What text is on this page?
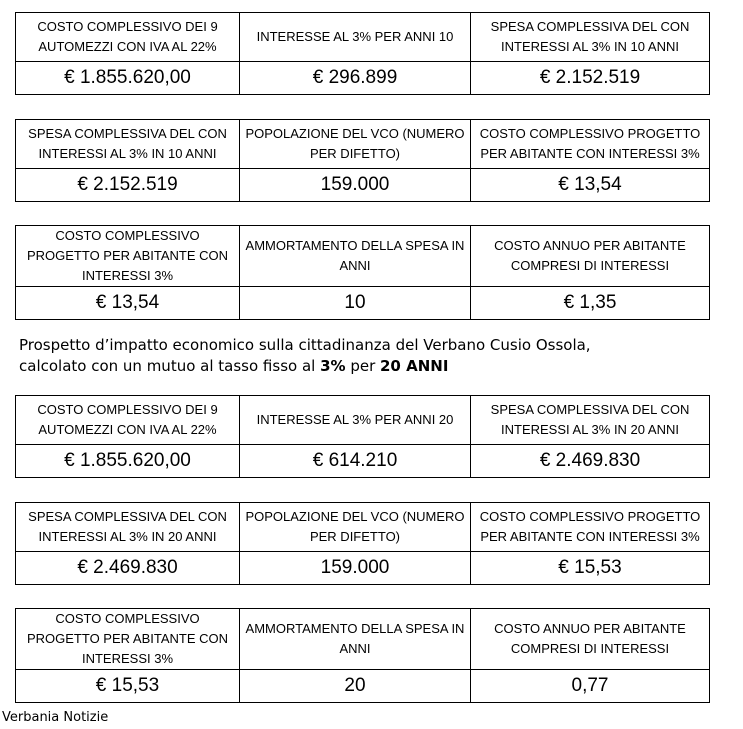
COSTO COMPLESSIVO DEI 9 AUTOMEZZI CON IVA AL 22%	INTERESSE AL 3% PER ANNI 10	SPESA COMPLESSIVA DEL CON INTERESSI AL 3% IN 10 ANNI
€ 1.855.620,00	€ 296.899	€ 2.152.519
SPESA COMPLESSIVA DEL CON INTERESSI AL 3% IN 10 ANNI	POPOLAZIONE DEL VCO (NUMERO PER DIFETTO)	COSTO COMPLESSIVO PROGETTO PER ABITANTE CON INTERESSI 3%
€ 2.152.519	159.000	€ 13,54
COSTO COMPLESSIVO PROGETTO PER ABITANTE CON INTERESSI 3%	AMMORTAMENTO DELLA SPESA IN ANNI	COSTO ANNUO PER ABITANTE COMPRESI DI INTERESSI
€ 13,54	10	€ 1,35

Prospetto d’impatto economico sulla cittadinanza del Verbano Cusio Ossola,
calcolato con un mutuo al tasso fisso al 3% per 20 ANNI

COSTO COMPLESSIVO DEI 9 AUTOMEZZI CON IVA AL 22%	INTERESSE AL 3% PER ANNI 20	SPESA COMPLESSIVA DEL CON INTERESSI AL 3% IN 20 ANNI
€ 1.855.620,00	€ 614.210	€ 2.469.830
SPESA COMPLESSIVA DEL CON INTERESSI AL 3% IN 20 ANNI	POPOLAZIONE DEL VCO (NUMERO PER DIFETTO)	COSTO COMPLESSIVO PROGETTO PER ABITANTE CON INTERESSI 3%
€ 2.469.830	159.000	€ 15,53
COSTO COMPLESSIVO PROGETTO PER ABITANTE CON INTERESSI 3%	AMMORTAMENTO DELLA SPESA IN ANNI	COSTO ANNUO PER ABITANTE COMPRESI DI INTERESSI
€ 15,53	20	0,77
Verbania Notizie
